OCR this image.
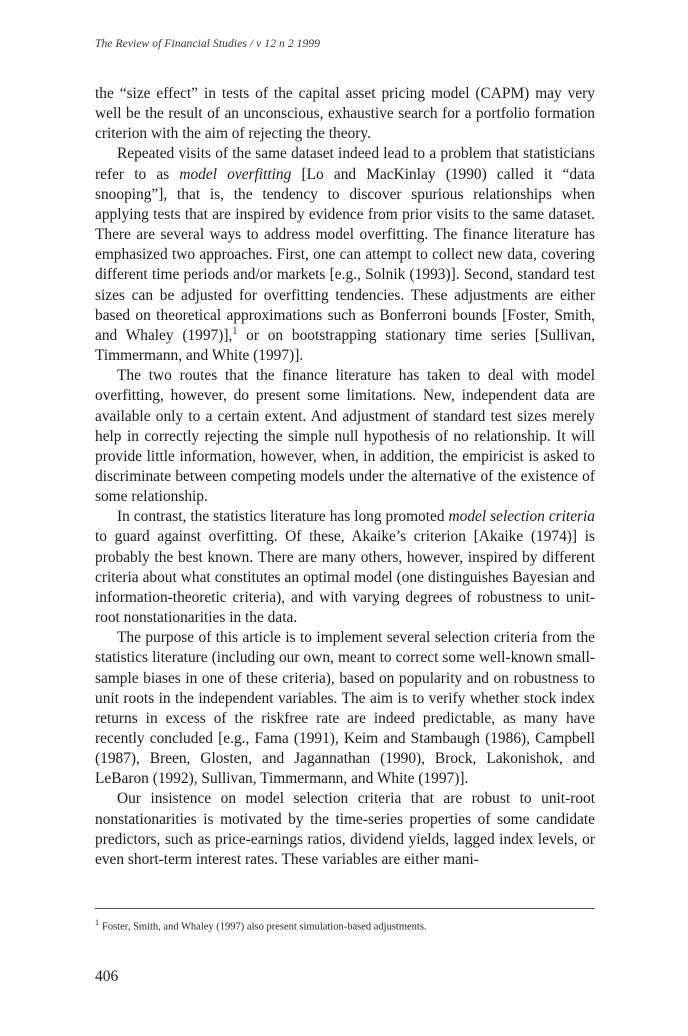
The Review of Financial Studies / v 12 n 2 1999

the “size effect” in tests of the capital asset pricing model (CAPM) may very well be the result of an unconscious, exhaustive search for a portfolio formation criterion with the aim of rejecting the theory.

Repeated visits of the same dataset indeed lead to a problem that statisticians refer to as model overfitting [Lo and MacKinlay (1990) called it “data snooping”], that is, the tendency to discover spurious relationships when applying tests that are inspired by evidence from prior visits to the same dataset. There are several ways to address model overfitting. The finance literature has emphasized two approaches. First, one can attempt to collect new data, covering different time periods and/or markets [e.g., Solnik (1993)]. Second, standard test sizes can be adjusted for overfitting tendencies. These adjustments are either based on theoretical approximations such as Bonferroni bounds [Foster, Smith, and Whaley (1997)],$^1$ or on bootstrapping stationary time series [Sullivan, Timmermann, and White (1997)].

The two routes that the finance literature has taken to deal with model overfitting, however, do present some limitations. New, independent data are available only to a certain extent. And adjustment of standard test sizes merely help in correctly rejecting the simple null hypothesis of no relationship. It will provide little information, however, when, in addition, the empiricist is asked to discriminate between competing models under the alternative of the existence of some relationship.

In contrast, the statistics literature has long promoted model selection criteria to guard against overfitting. Of these, Akaike’s criterion [Akaike (1974)] is probably the best known. There are many others, however, inspired by different criteria about what constitutes an optimal model (one distinguishes Bayesian and information-theoretic criteria), and with varying degrees of robustness to unit-root nonstationarities in the data.

The purpose of this article is to implement several selection criteria from the statistics literature (including our own, meant to correct some well-known small-sample biases in one of these criteria), based on popularity and on robustness to unit roots in the independent variables. The aim is to verify whether stock index returns in excess of the riskfree rate are indeed predictable, as many have recently concluded [e.g., Fama (1991), Keim and Stambaugh (1986), Campbell (1987), Breen, Glosten, and Jagannathan (1990), Brock, Lakonishok, and LeBaron (1992), Sullivan, Timmermann, and White (1997)].

Our insistence on model selection criteria that are robust to unit-root nonstationarities is motivated by the time-series properties of some candidate predictors, such as price-earnings ratios, dividend yields, lagged index levels, or even short-term interest rates. These variables are either mani-

$^1$ Foster, Smith, and Whaley (1997) also present simulation-based adjustments.
406
